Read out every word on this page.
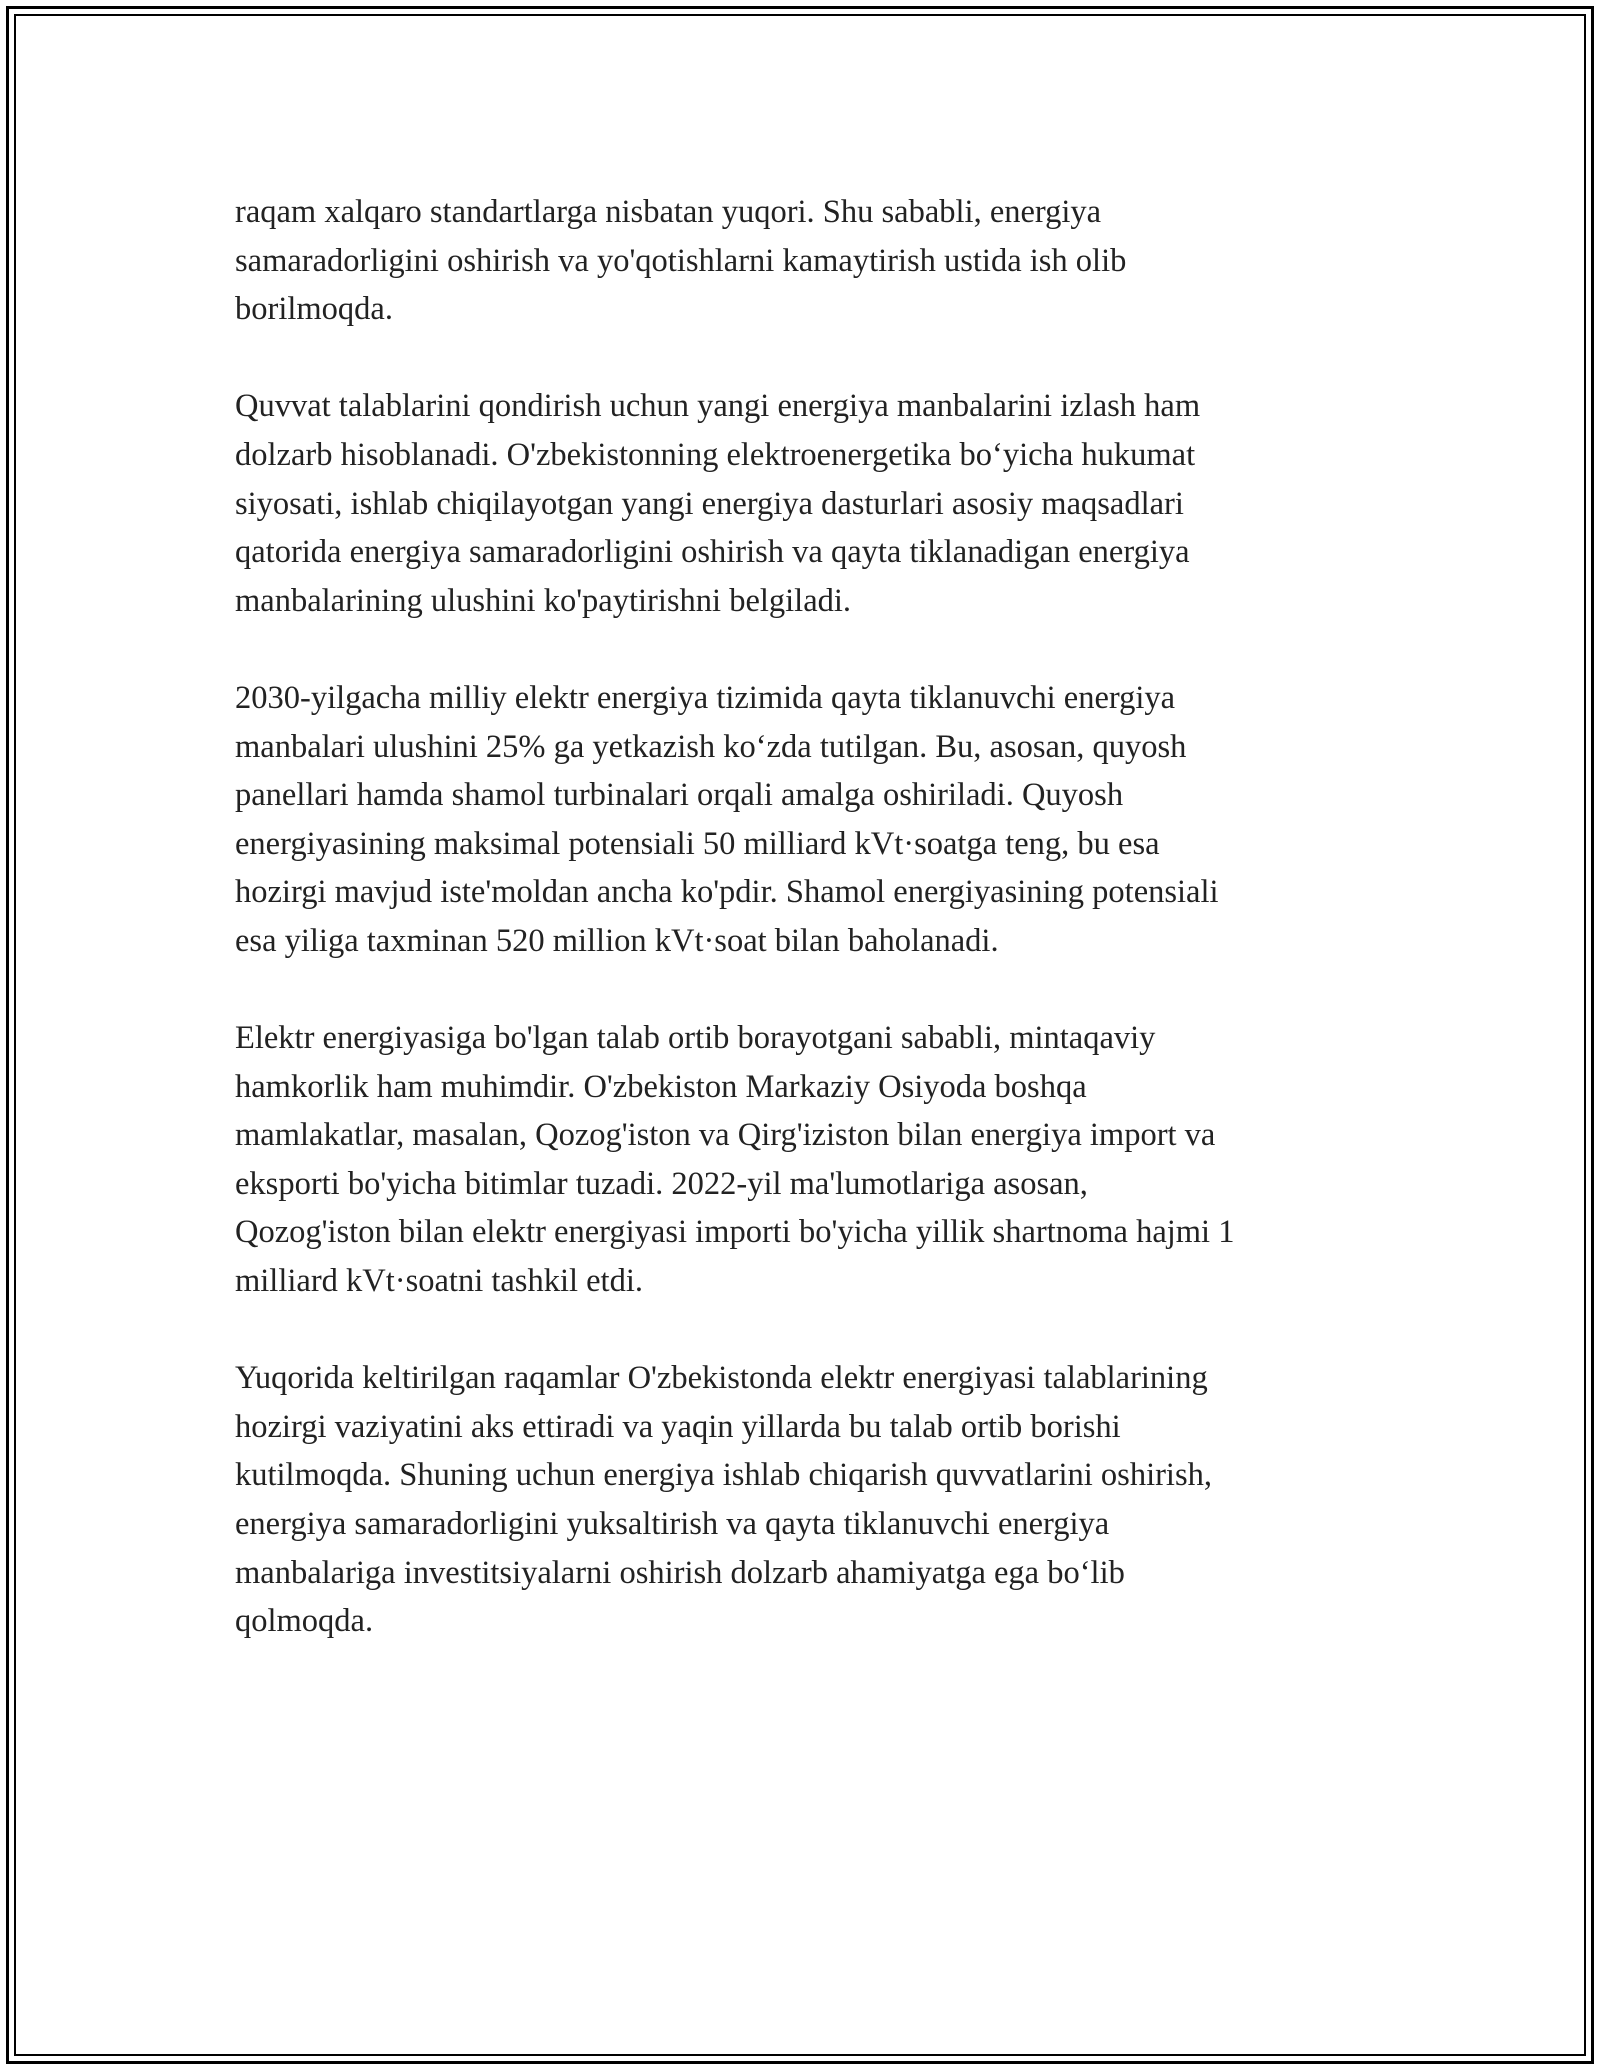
raqam xalqaro standartlarga nisbatan yuqori. Shu sababli, energiya
samaradorligini oshirish va yo'qotishlarni kamaytirish ustida ish olib
borilmoqda.

Quvvat talablarini qondirish uchun yangi energiya manbalarini izlash ham
dolzarb hisoblanadi. O'zbekistonning elektroenergetika bo‘yicha hukumat
siyosati, ishlab chiqilayotgan yangi energiya dasturlari asosiy maqsadlari
qatorida energiya samaradorligini oshirish va qayta tiklanadigan energiya
manbalarining ulushini ko'paytirishni belgiladi.

2030-yilgacha milliy elektr energiya tizimida qayta tiklanuvchi energiya
manbalari ulushini 25% ga yetkazish ko‘zda tutilgan. Bu, asosan, quyosh
panellari hamda shamol turbinalari orqali amalga oshiriladi. Quyosh
energiyasining maksimal potensiali 50 milliard kVt·soatga teng, bu esa
hozirgi mavjud iste'moldan ancha ko'pdir. Shamol energiyasining potensiali
esa yiliga taxminan 520 million kVt·soat bilan baholanadi.

Elektr energiyasiga bo'lgan talab ortib borayotgani sababli, mintaqaviy
hamkorlik ham muhimdir. O'zbekiston Markaziy Osiyoda boshqa
mamlakatlar, masalan, Qozog'iston va Qirg'iziston bilan energiya import va
eksporti bo'yicha bitimlar tuzadi. 2022-yil ma'lumotlariga asosan,
Qozog'iston bilan elektr energiyasi importi bo'yicha yillik shartnoma hajmi 1
milliard kVt·soatni tashkil etdi.

Yuqorida keltirilgan raqamlar O'zbekistonda elektr energiyasi talablarining
hozirgi vaziyatini aks ettiradi va yaqin yillarda bu talab ortib borishi
kutilmoqda. Shuning uchun energiya ishlab chiqarish quvvatlarini oshirish,
energiya samaradorligini yuksaltirish va qayta tiklanuvchi energiya
manbalariga investitsiyalarni oshirish dolzarb ahamiyatga ega bo‘lib
qolmoqda.
